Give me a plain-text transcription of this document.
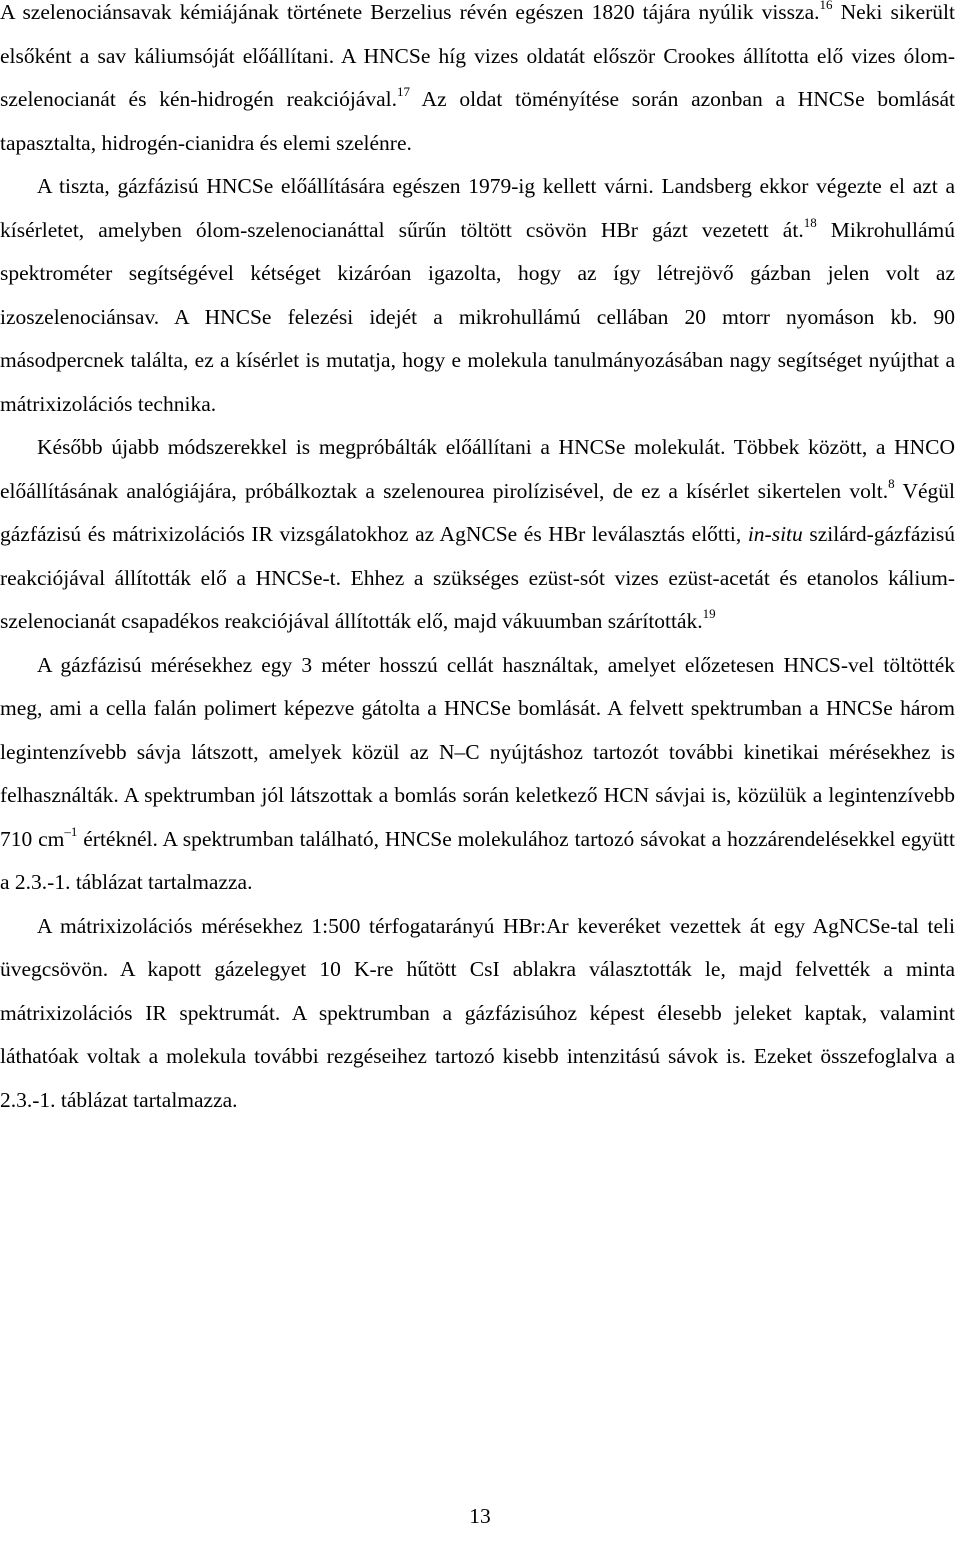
A szelenociánsavak kémiájának története Berzelius révén egészen 1820 tájára nyúlik vissza.$^{16}$ Neki sikerült elsőként a sav káliumsóját előállítani. A HNCSe híg vizes oldatát először Crookes állította elő vizes ólom-szelenocianát és kén-hidrogén reakciójával.$^{17}$ Az oldat töményítése során azonban a HNCSe bomlását tapasztalta, hidrogén-cianidra és elemi szelénre.

A tiszta, gázfázisú HNCSe előállítására egészen 1979-ig kellett várni. Landsberg ekkor végezte el azt a kísérletet, amelyben ólom-szelenocianáttal sűrűn töltött csövön HBr gázt vezetett át.$^{18}$ Mikrohullámú spektrométer segítségével kétséget kizáróan igazolta, hogy az így létrejövő gázban jelen volt az izoszelenociánsav. A HNCSe felezési idejét a mikrohullámú cellában 20 mtorr nyomáson kb. 90 másodpercnek találta, ez a kísérlet is mutatja, hogy e molekula tanulmányozásában nagy segítséget nyújthat a mátrixizolációs technika.

Később újabb módszerekkel is megpróbálták előállítani a HNCSe molekulát. Többek között, a HNCO előállításának analógiájára, próbálkoztak a szelenourea pirolízisével, de ez a kísérlet sikertelen volt.$^8$ Végül gázfázisú és mátrixizolációs IR vizsgálatokhoz az AgNCSe és HBr leválasztás előtti, in-situ szilárd-gázfázisú reakciójával állították elő a HNCSe-t. Ehhez a szükséges ezüst-sót vizes ezüst-acetát és etanolos kálium-szelenocianát csapadékos reakciójával állították elő, majd vákuumban szárították.$^{19}$

A gázfázisú mérésekhez egy 3 méter hosszú cellát használtak, amelyet előzetesen HNCS-vel töltötték meg, ami a cella falán polimert képezve gátolta a HNCSe bomlását. A felvett spektrumban a HNCSe három legintenzívebb sávja látszott, amelyek közül az N–C nyújtáshoz tartozót további kinetikai mérésekhez is felhasználták. A spektrumban jól látszottak a bomlás során keletkező HCN sávjai is, közülük a legintenzívebb 710 $cm^{-1}$ értéknél. A spektrumban található, HNCSe molekulához tartozó sávokat a hozzárendelésekkel együtt a 2.3.-1. táblázat tartalmazza.

A mátrixizolációs mérésekhez 1:500 térfogatarányú HBr:Ar keveréket vezettek át egy AgNCSe-tal teli üvegcsövön. A kapott gázelegyet 10 K-re hűtött CsI ablakra választották le, majd felvették a minta mátrixizolációs IR spektrumát. A spektrumban a gázfázisúhoz képest élesebb jeleket kaptak, valamint láthatóak voltak a molekula további rezgéseihez tartozó kisebb intenzitású sávok is. Ezeket összefoglalva a 2.3.-1. táblázat tartalmazza.

13
